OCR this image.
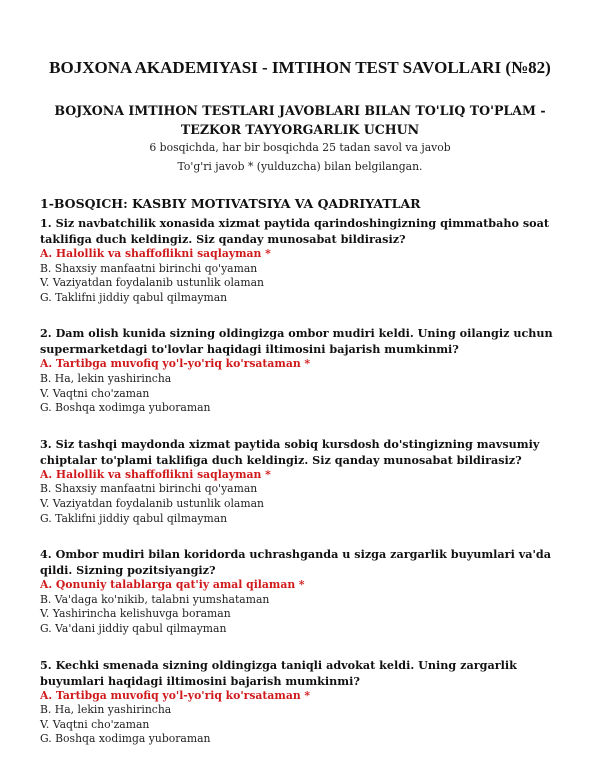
BOJXONA AKADEMIYASI - IMTIHON TEST SAVOLLARI (№82)
BOJXONA IMTIHON TESTLARI JAVOBLARI BILAN TO'LIQ TO'PLAM - TEZKOR TAYYORGARLIK UCHUN
6 bosqichda, har bir bosqichda 25 tadan savol va javob
To'g'ri javob * (yulduzcha) bilan belgilangan.
1-BOSQICH: KASBIY MOTIVATSIYA VA QADRIYATLAR

1. Siz navbatchilik xonasida xizmat paytida qarindoshingizning qimmatbaho soat taklifiga duch keldingiz. Siz qanday munosabat bildirasiz?

A. Halollik va shaffoflikni saqlayman *

B. Shaxsiy manfaatni birinchi qo'yaman

V. Vaziyatdan foydalanib ustunlik olaman

G. Taklifni jiddiy qabul qilmayman

2. Dam olish kunida sizning oldingizga ombor mudiri keldi. Uning oilangiz uchun supermarketdagi to'lovlar haqidagi iltimosini bajarish mumkinmi?

A. Tartibga muvofiq yo'l-yo'riq ko'rsataman *

B. Ha, lekin yashirincha

V. Vaqtni cho'zaman

G. Boshqa xodimga yuboraman

3. Siz tashqi maydonda xizmat paytida sobiq kursdosh do'stingizning mavsumiy chiptalar to'plami taklifiga duch keldingiz. Siz qanday munosabat bildirasiz?

A. Halollik va shaffoflikni saqlayman *

B. Shaxsiy manfaatni birinchi qo'yaman

V. Vaziyatdan foydalanib ustunlik olaman

G. Taklifni jiddiy qabul qilmayman

4. Ombor mudiri bilan koridorda uchrashganda u sizga zargarlik buyumlari va'da qildi. Sizning pozitsiyangiz?

A. Qonuniy talablarga qat'iy amal qilaman *

B. Va'daga ko'nikib, talabni yumshataman

V. Yashirincha kelishuvga boraman

G. Va'dani jiddiy qabul qilmayman

5. Kechki smenada sizning oldingizga taniqli advokat keldi. Uning zargarlik buyumlari haqidagi iltimosini bajarish mumkinmi?

A. Tartibga muvofiq yo'l-yo'riq ko'rsataman *

B. Ha, lekin yashirincha

V. Vaqtni cho'zaman

G. Boshqa xodimga yuboraman
